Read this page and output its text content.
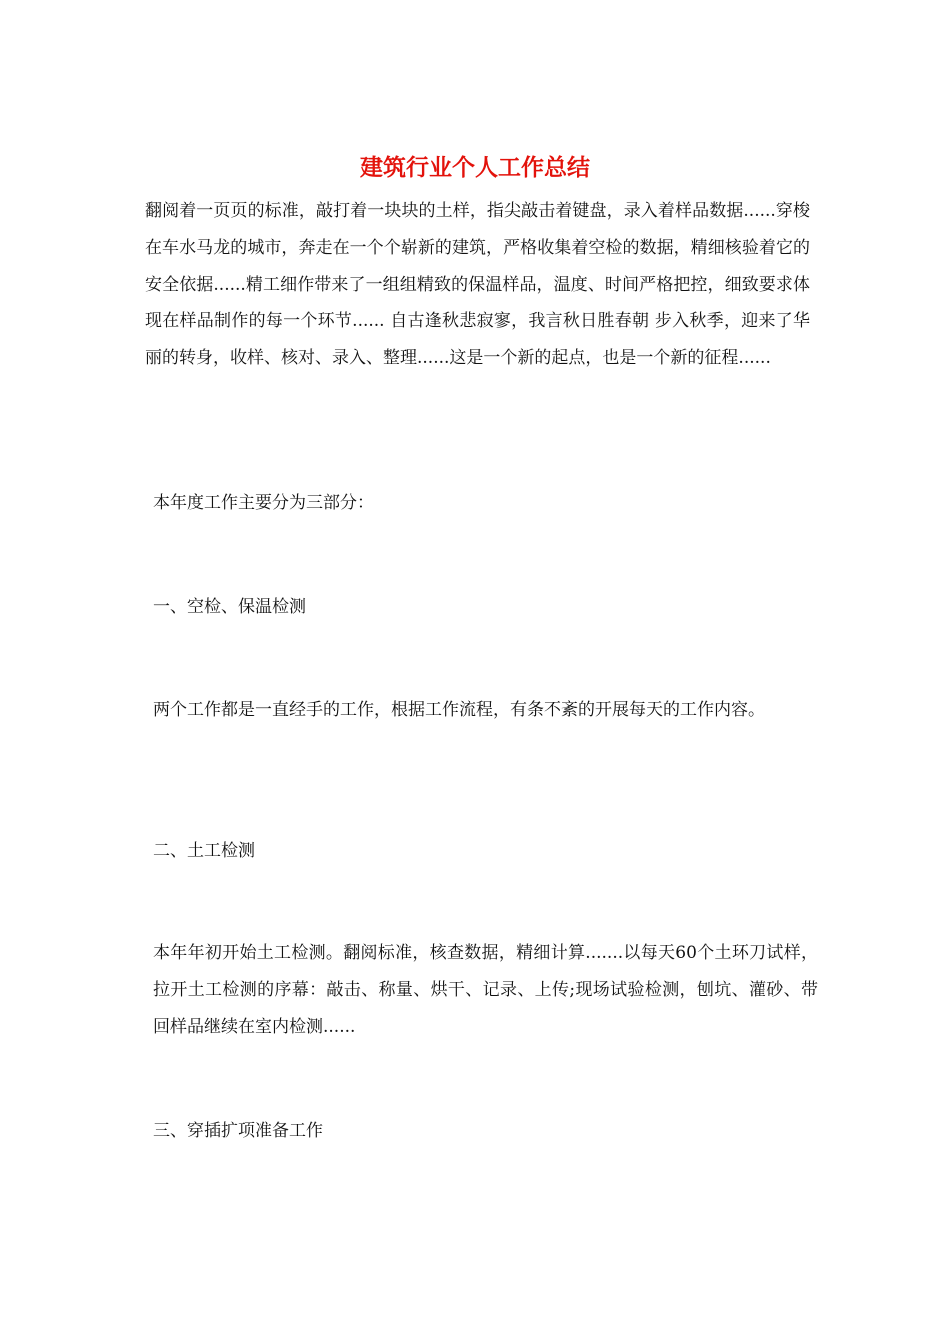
建筑行业个人工作总结

翻阅着一页页的标准，敲打着一块块的土样，指尖敲击着键盘，录入着样品数据......穿梭在车水马龙的城市，奔走在一个个崭新的建筑，严格收集着空检的数据，精细核验着它的安全依据......精工细作带来了一组组精致的保温样品，温度、时间严格把控，细致要求体现在样品制作的每一个环节...... 自古逢秋悲寂寥，我言秋日胜春朝 步入秋季，迎来了华丽的转身，收样、核对、录入、整理......这是一个新的起点，也是一个新的征程......

本年度工作主要分为三部分：

一、空检、保温检测

两个工作都是一直经手的工作，根据工作流程，有条不紊的开展每天的工作内容。

二、土工检测

本年年初开始土工检测。翻阅标准，核查数据，精细计算.......以每天60个土环刀试样，拉开土工检测的序幕：敲击、称量、烘干、记录、上传;现场试验检测，刨坑、灌砂、带回样品继续在室内检测......

三、穿插扩项准备工作
